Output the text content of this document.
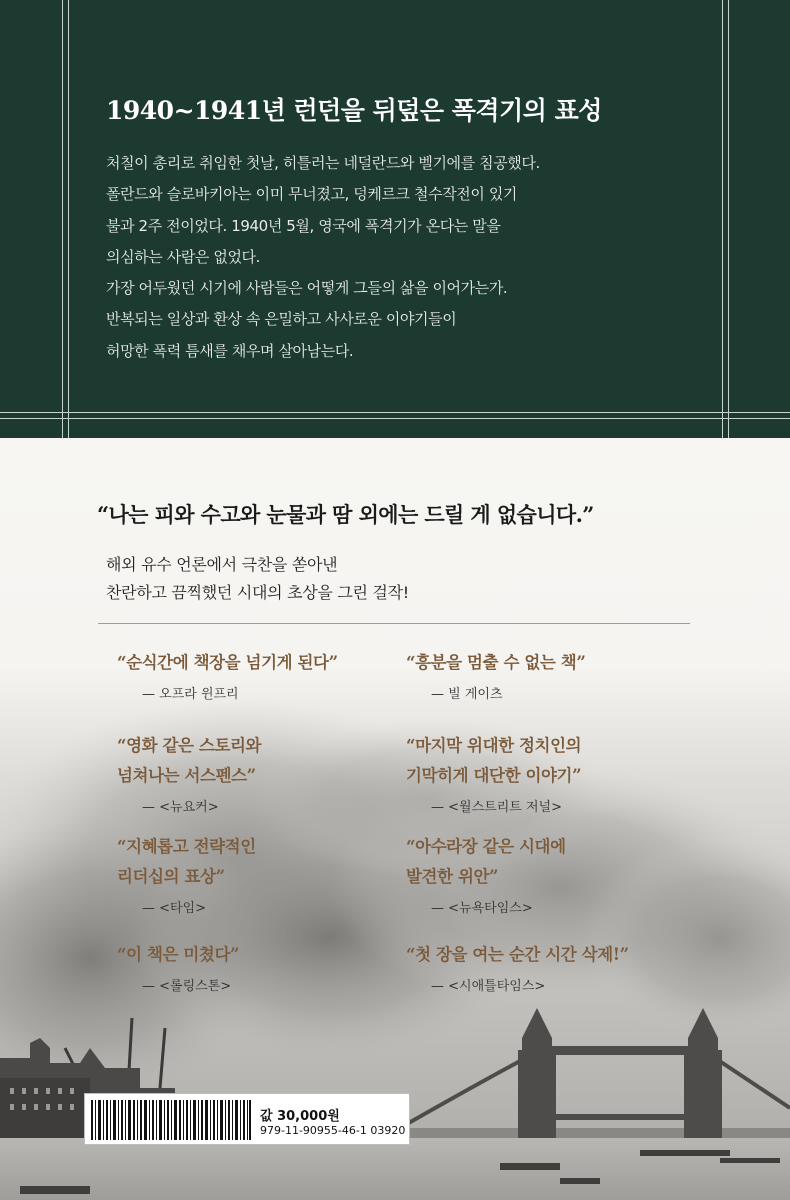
1940~1941년 런던을 뒤덮은 폭격기의 표성
처칠이 총리로 취임한 첫날, 히틀러는 네덜란드와 벨기에를 침공했다.
폴란드와 슬로바키아는 이미 무너졌고, 덩케르크 철수작전이 있기
불과 2주 전이었다. 1940년 5월, 영국에 폭격기가 온다는 말을
의심하는 사람은 없었다.
가장 어두웠던 시기에 사람들은 어떻게 그들의 삶을 이어가는가.
반복되는 일상과 환상 속 은밀하고 사사로운 이야기들이
허망한 폭력 틈새를 채우며 살아남는다.
값 30,000원
979-11-90955-46-1 03920
“나는 피와 수고와 눈물과 땀 외에는 드릴 게 없습니다.”
해외 유수 언론에서 극찬을 쏟아낸
찬란하고 끔찍했던 시대의 초상을 그린 걸작!
“순식간에 책장을 넘기게 된다”
— 오프라 윈프리
“흥분을 멈출 수 없는 책”
— 빌 게이츠
“영화 같은 스토리와
넘쳐나는 서스펜스”
— <뉴요커>
“마지막 위대한 정치인의
기막히게 대단한 이야기”
— <월스트리트 저널>
“지혜롭고 전략적인
리더십의 표상”
— <타임>
“아수라장 같은 시대에
발견한 위안”
— <뉴욕타임스>
“이 책은 미쳤다”
— <롤링스톤>
“첫 장을 여는 순간 시간 삭제!”
— <시애틀타임스>
